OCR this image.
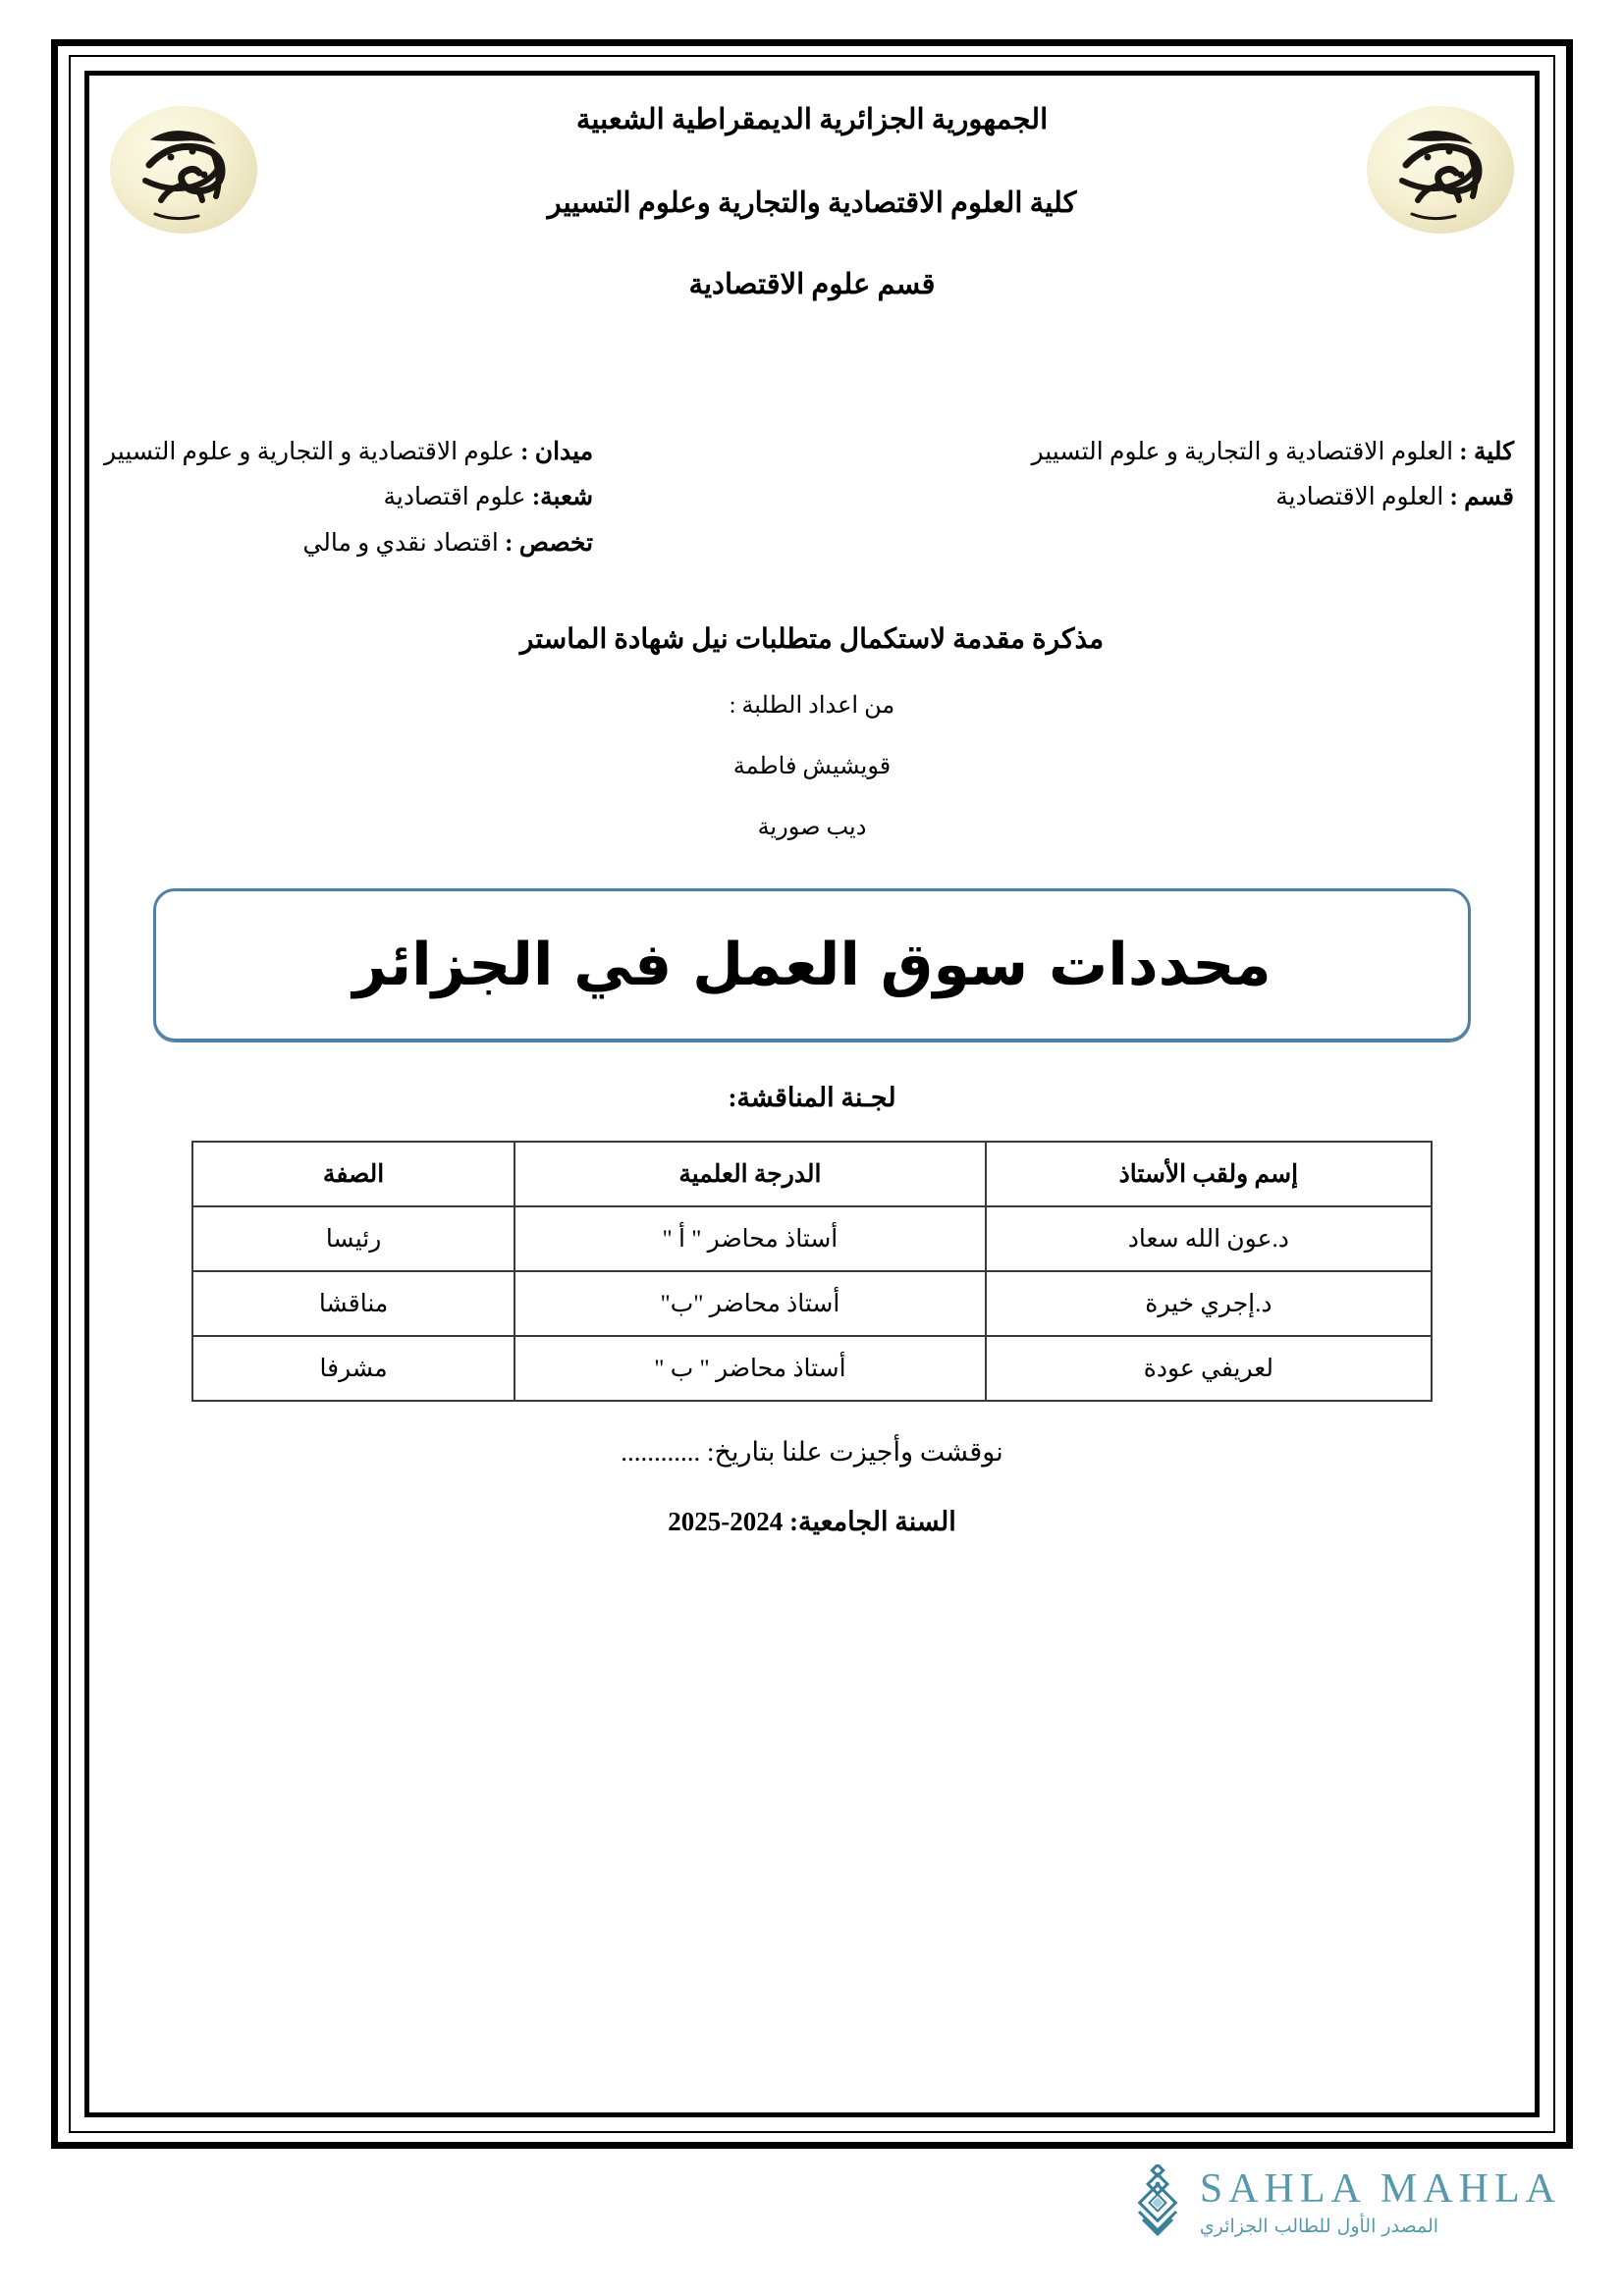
الجمهورية الجزائرية الديمقراطية الشعبية
كلية العلوم الاقتصادية والتجارية وعلوم التسيير
قسم علوم الاقتصادية
كلية : العلوم الاقتصادية و التجارية و علوم التسيير
قسم : العلوم الاقتصادية
ميدان : علوم الاقتصادية و التجارية و علوم التسيير
شعبة: علوم اقتصادية
تخصص : اقتصاد نقدي و مالي
مذكرة مقدمة لاستكمال متطلبات نيل شهادة الماستر
من اعداد الطلبة :
قويشيش فاطمة
ديب صورية
محددات سوق العمل في الجزائر
لجـنة المناقشة:
إسم ولقب الأستاذ	الدرجة العلمية	الصفة
د.عون الله سعاد	أستاذ محاضر " أ "	رئيسا
د.إجري خيرة	أستاذ محاضر "ب"	مناقشا
لعريفي عودة	أستاذ محاضر " ب "	مشرفا
نوقشت وأجيزت علنا بتاريخ: ............
السنة الجامعية: 2024-2025
SAHLA MAHLA
المصدر الأول للطالب الجزائري
